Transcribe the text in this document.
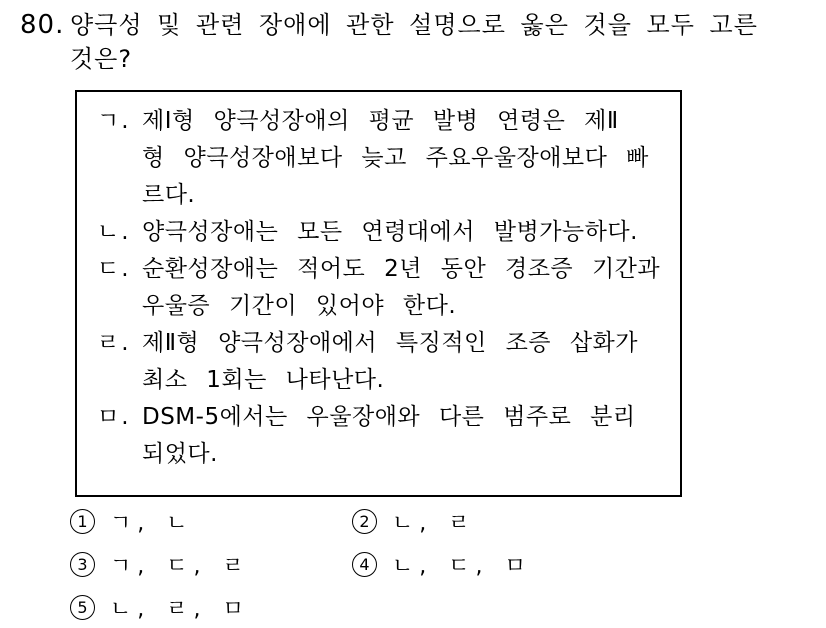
80. 양극성 및 관련 장애에 관한 설명으로 옳은 것을 모두 고른
것은?
ㄱ. 제Ⅰ형 양극성장애의 평균 발병 연령은 제Ⅱ
형 양극성장애보다 늦고 주요우울장애보다 빠
르다.
ㄴ. 양극성장애는 모든 연령대에서 발병가능하다.
ㄷ. 순환성장애는 적어도 2년 동안 경조증 기간과
우울증 기간이 있어야 한다.
ㄹ. 제Ⅱ형 양극성장애에서 특징적인 조증 삽화가
최소 1회는 나타난다.
ㅁ. DSM-5에서는 우울장애와 다른 범주로 분리
되었다.
1 ㄱ, ㄴ	2 ㄴ, ㄹ
3 ㄱ, ㄷ, ㄹ	4 ㄴ, ㄷ, ㅁ
5 ㄴ, ㄹ, ㅁ
